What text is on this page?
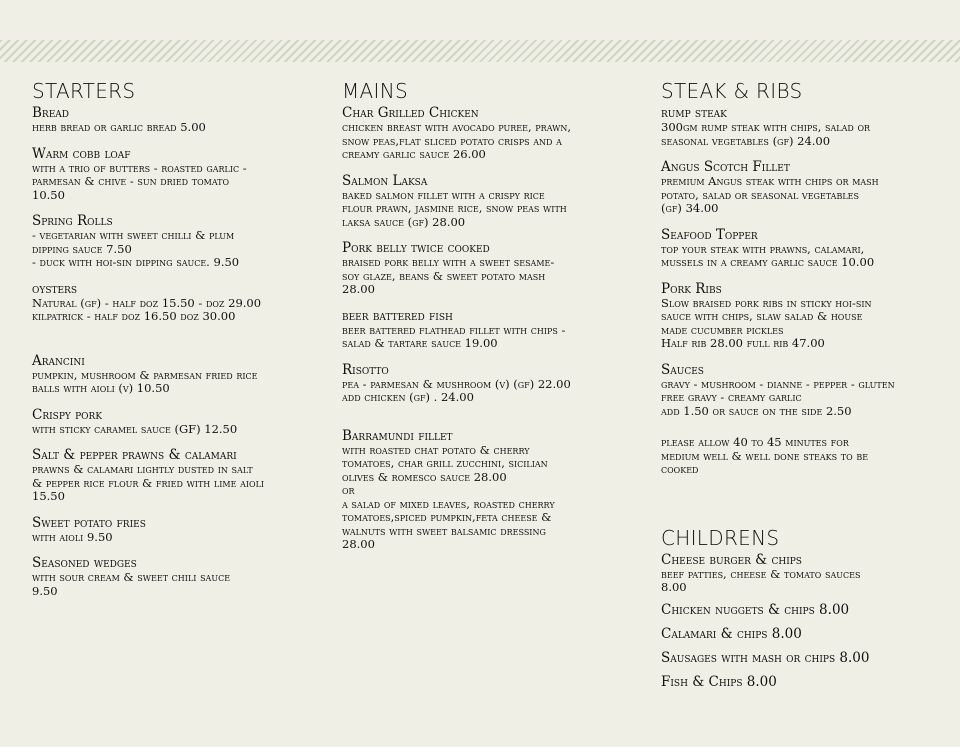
STARTERS
Bread
herb bread or garlic bread 5.00
Warm cobb loaf
with a trio of butters - roasted garlic -
parmesan & chive - sun dried tomato
10.50
Spring Rolls
- vegetarian with sweet chilli & plum
dipping sauce 7.50
- duck with hoi-sin dipping sauce. 9.50
oysters
Natural (gf) - half doz 15.50 - doz 29.00
kilpatrick - half doz 16.50 doz 30.00
Arancini
pumpkin, mushroom & parmesan fried rice
balls with aioli (v) 10.50
Crispy pork
with sticky caramel sauce (GF) 12.50
Salt & pepper prawns & calamari
prawns & calamari lightly dusted in salt
& pepper rice flour & fried with lime aioli
15.50
Sweet potato fries
with aioli 9.50
Seasoned wedges
with sour cream & sweet chili sauce
9.50
MAINS
Char Grilled Chicken
chicken breast with avocado puree, prawn,
snow peas,flat sliced potato crisps and a
creamy garlic sauce 26.00
Salmon Laksa
baked salmon fillet with a crispy rice
flour prawn, jasmine rice, snow peas with
laksa sauce (gf) 28.00
Pork belly twice cooked
braised pork belly with a sweet sesame-
soy glaze, beans & sweet potato mash
28.00
beer battered fish
beer battered flathead fillet with chips -
salad & tartare sauce 19.00
Risotto
pea - parmesan & mushroom (v) (gf) 22.00
add chicken (gf) . 24.00
Barramundi fillet
with roasted chat potato & cherry
tomatoes, char grill zucchini, sicilian
olives & romesco sauce 28.00
or
a salad of mixed leaves, roasted cherry
tomatoes,spiced pumpkin,feta cheese &
walnuts with sweet balsamic dressing
28.00
STEAK & RIBS
rump steak
300gm rump steak with chips, salad or
seasonal vegetables (gf) 24.00
Angus Scotch Fillet
premium Angus steak with chips or mash
potato, salad or seasonal vegetables
(gf) 34.00
Seafood Topper
top your steak with prawns, calamari,
mussels in a creamy garlic sauce 10.00
Pork Ribs
Slow braised pork ribs in sticky hoi-sin
sauce with chips, slaw salad & house
made cucumber pickles
Half rib 28.00 full rib 47.00
Sauces
gravy - mushroom - dianne - pepper - gluten
free gravy - creamy garlic
add 1.50 or sauce on the side 2.50
please allow 40 to 45 minutes for
medium well & well done steaks to be
cooked
CHILDRENS
Cheese burger & chips
beef patties, cheese & tomato sauces
8.00
Chicken nuggets & chips 8.00
Calamari & chips 8.00
Sausages with mash or chips 8.00
Fish & Chips 8.00
